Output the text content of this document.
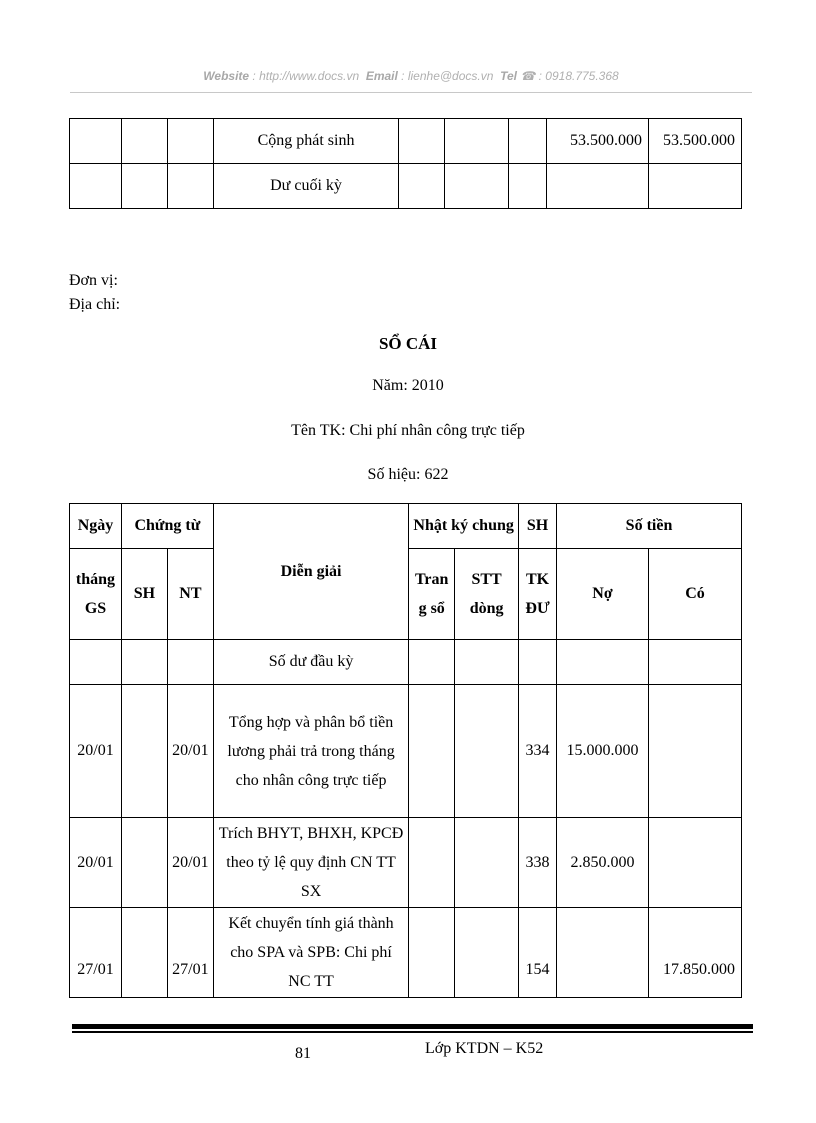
Website : http://www.docs.vn Email : lienhe@docs.vn Tel ☎ : 0918.775.368
			Cộng phát sinh				53.500.000	53.500.000
			Dư cuối kỳ					
Đơn vị:
Địa chỉ:
SỔ CÁI
Năm: 2010
Tên TK: Chi phí nhân công trực tiếp
Số hiệu: 622
Ngày	Chứng từ		Diễn giải	Nhật ký chung		SH	Số tiền	
tháng GS	SH	NT		Tran g sổ	STT dòng	TK ĐƯ	Nợ	Có
			Số dư đầu kỳ					
20/01		20/01	Tổng hợp và phân bổ tiền lương phải trả trong tháng cho nhân công trực tiếp			334	15.000.000	
20/01		20/01	Trích BHYT, BHXH, KPCĐ theo tỷ lệ quy định CN TT SX			338	2.850.000	
27/01		27/01	Kết chuyển tính giá thành cho SPA và SPB: Chi phí NC TT			154		17.850.000
81	Lớp KTDN – K52
